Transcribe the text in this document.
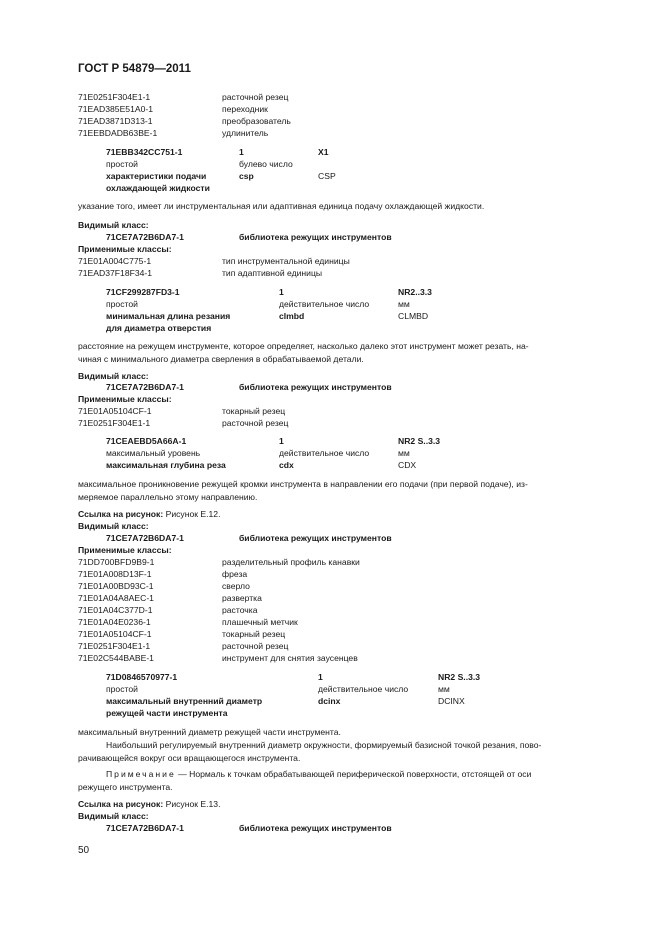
ГОСТ Р 54879—2011
71E0251F304E1-1	расточной резец
71EAD385E51A0-1	переходник
71EAD3871D313-1	преобразователь
71EEBDADB63BE-1	удлинитель
71EBB342CC751-1	1	X1
простой	булево число
характеристики подачи	csp	CSP
охлаждающей жидкости
указание того, имеет ли инструментальная или адаптивная единица подачу охлаждающей жидкости.
Видимый класс:
71CE7A72B6DA7-1	библиотека режущих инструментов
Применимые классы:
71E01A004C775-1	тип инструментальной единицы
71EAD37F18F34-1	тип адаптивной единицы
71CF299287FD3-1	1	NR2..3.3
простой	действительное число	мм
минимальная длина резания	clmbd	CLMBD
для диаметра отверстия
расстояние на режущем инструменте, которое определяет, насколько далеко этот инструмент может резать, на-
чиная с минимального диаметра сверления в обрабатываемой детали.
Видимый класс:
71CE7A72B6DA7-1	библиотека режущих инструментов
Применимые классы:
71E01A05104CF-1	токарный резец
71E0251F304E1-1	расточной резец
71CEAEBD5A66A-1	1	NR2 S..3.3
максимальный уровень	действительное число	мм
максимальная глубина реза	cdx	CDX
максимальное проникновение режущей кромки инструмента в направлении его подачи (при первой подаче), из-
меряемое параллельно этому направлению.
Ссылка на рисунок: Рисунок Е.12.
Видимый класс:
71CE7A72B6DA7-1	библиотека режущих инструментов
Применимые классы:
71DD700BFD9B9-1	разделительный профиль канавки
71E01A008D13F-1	фреза
71E01A00BD93C-1	сверло
71E01A04A8AEC-1	развертка
71E01A04C377D-1	расточка
71E01A04E0236-1	плашечный метчик
71E01A05104CF-1	токарный резец
71E0251F304E1-1	расточной резец
71E02C544BABE-1	инструмент для снятия заусенцев
71D0846570977-1	1	NR2 S..3.3
простой	действительное число	мм
максимальный внутренний диаметр	dcinx	DCINX
режущей части инструмента
максимальный внутренний диаметр режущей части инструмента.
Наибольший регулируемый внутренний диаметр окружности, формируемый базисной точкой резания, пово-
рачивающейся вокруг оси вращающегося инструмента.
Примечание — Нормаль к точкам обрабатывающей периферической поверхности, отстоящей от оси
режущего инструмента.
Ссылка на рисунок: Рисунок Е.13.
Видимый класс:
71CE7A72B6DA7-1	библиотека режущих инструментов
50
